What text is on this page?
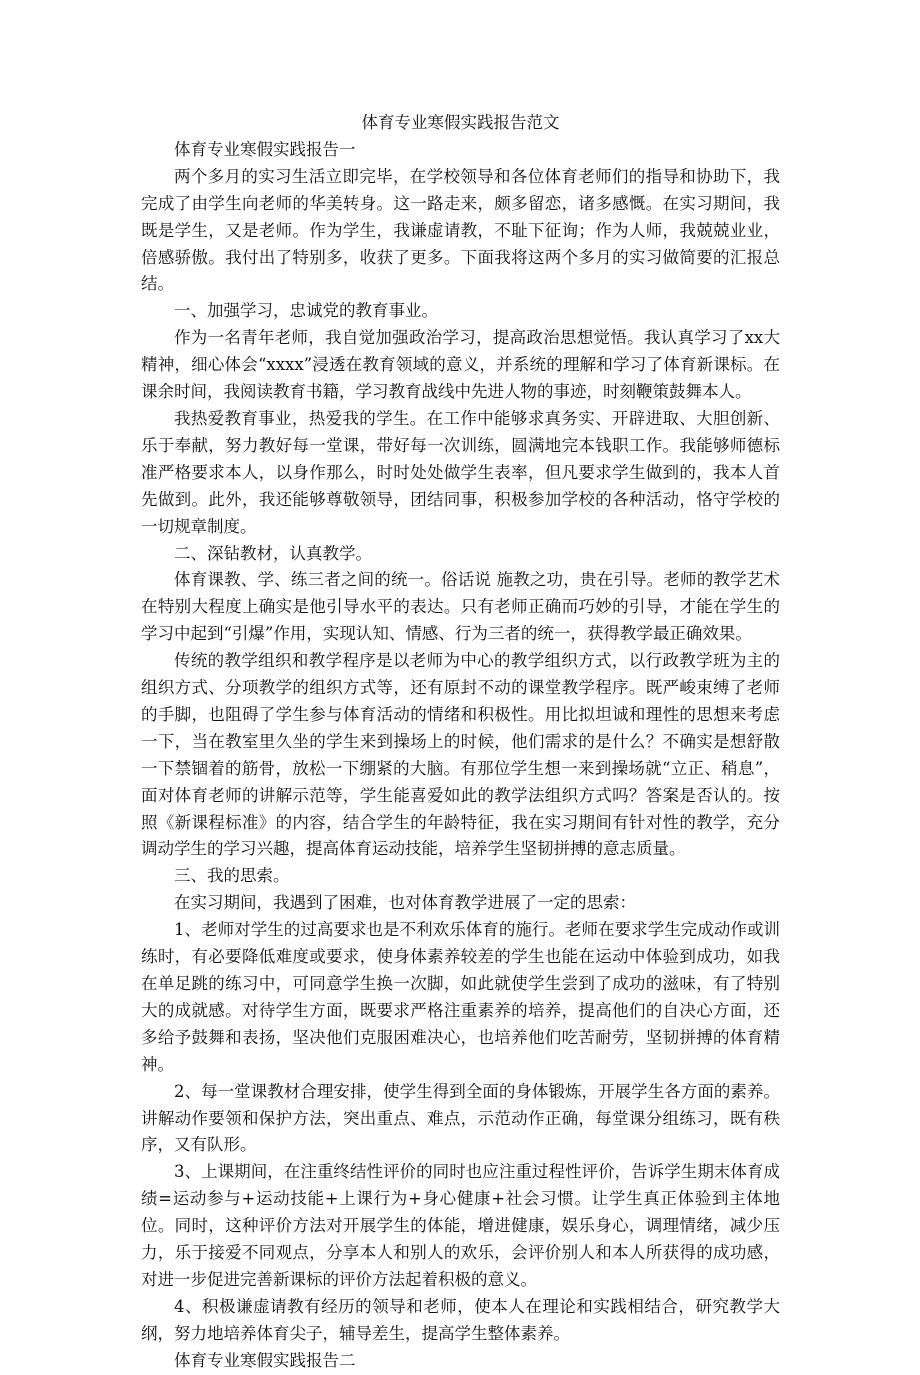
体育专业寒假实践报告范文

体育专业寒假实践报告一

两个多月的实习生活立即完毕，在学校领导和各位体育老师们的指导和协助下，我完成了由学生向老师的华美转身。这一路走来，颇多留恋，诸多感慨。在实习期间，我既是学生，又是老师。作为学生，我谦虚请教，不耻下征询；作为人师，我兢兢业业，倍感骄傲。我付出了特别多，收获了更多。下面我将这两个多月的实习做简要的汇报总结。

一、加强学习，忠诚党的教育事业。

作为一名青年老师，我自觉加强政治学习，提高政治思想觉悟。我认真学习了xx大精神，细心体会“xxxx”浸透在教育领域的意义，并系统的理解和学习了体育新课标。在课余时间，我阅读教育书籍，学习教育战线中先进人物的事迹，时刻鞭策鼓舞本人。

我热爱教育事业，热爱我的学生。在工作中能够求真务实、开辟进取、大胆创新、乐于奉献，努力教好每一堂课，带好每一次训练，圆满地完本钱职工作。我能够师德标准严格要求本人，以身作那么，时时处处做学生表率，但凡要求学生做到的，我本人首先做到。此外，我还能够尊敬领导，团结同事，积极参加学校的各种活动，恪守学校的一切规章制度。

二、深钻教材，认真教学。

体育课教、学、练三者之间的统一。俗话说 施教之功，贵在引导。老师的教学艺术在特别大程度上确实是他引导水平的表达。只有老师正确而巧妙的引导，才能在学生的学习中起到“引爆”作用，实现认知、情感、行为三者的统一，获得教学最正确效果。

传统的教学组织和教学程序是以老师为中心的教学组织方式，以行政教学班为主的组织方式、分项教学的组织方式等，还有原封不动的课堂教学程序。既严峻束缚了老师的手脚，也阻碍了学生参与体育活动的情绪和积极性。用比拟坦诚和理性的思想来考虑一下，当在教室里久坐的学生来到操场上的时候，他们需求的是什么？不确实是想舒散一下禁锢着的筋骨，放松一下绷紧的大脑。有那位学生想一来到操场就“立正、稍息”，面对体育老师的讲解示范等，学生能喜爱如此的教学法组织方式吗？答案是否认的。按照《新课程标准》的内容，结合学生的年龄特征，我在实习期间有针对性的教学，充分调动学生的学习兴趣，提高体育运动技能，培养学生坚韧拼搏的意志质量。

三、我的思索。

在实习期间，我遇到了困难，也对体育教学进展了一定的思索：

1、老师对学生的过高要求也是不利欢乐体育的施行。老师在要求学生完成动作或训练时，有必要降低难度或要求，使身体素养较差的学生也能在运动中体验到成功，如我在单足跳的练习中，可同意学生换一次脚，如此就使学生尝到了成功的滋味，有了特别大的成就感。对待学生方面，既要求严格注重素养的培养，提高他们的自决心方面，还多给予鼓舞和表扬，坚决他们克服困难决心，也培养他们吃苦耐劳，坚韧拼搏的体育精神。

2、每一堂课教材合理安排，使学生得到全面的身体锻炼，开展学生各方面的素养。讲解动作要领和保护方法，突出重点、难点，示范动作正确，每堂课分组练习，既有秩序，又有队形。

3、上课期间，在注重终结性评价的同时也应注重过程性评价，告诉学生期末体育成绩=运动参与+运动技能+上课行为+身心健康+社会习惯。让学生真正体验到主体地位。同时，这种评价方法对开展学生的体能，增进健康，娱乐身心，调理情绪，减少压力，乐于接爱不同观点，分享本人和别人的欢乐，会评价别人和本人所获得的成功感，对进一步促进完善新课标的评价方法起着积极的意义。

4、积极谦虚请教有经历的领导和老师，使本人在理论和实践相结合，研究教学大纲，努力地培养体育尖子，辅导差生，提高学生整体素养。

体育专业寒假实践报告二
